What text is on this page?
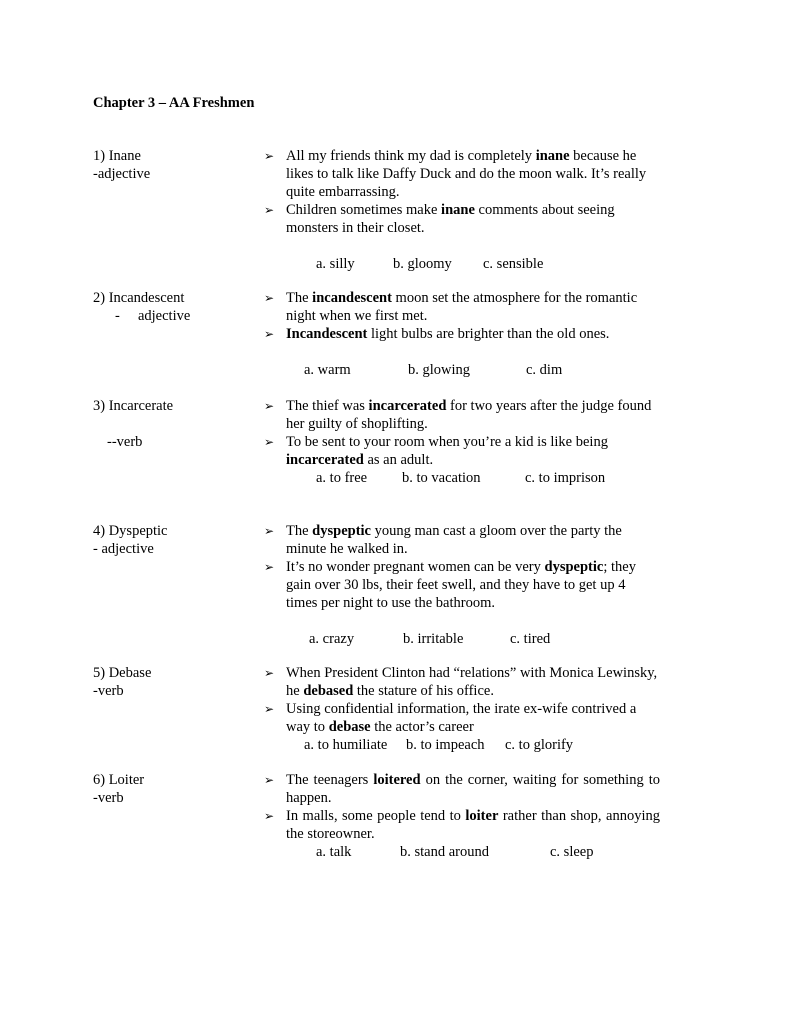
Chapter 3 – AA Freshmen
1) Inane
-adjective
➢ All my friends think my dad is completely inane because he likes to talk like Daffy Duck and do the moon walk. It’s really quite embarrassing.
➢ Children sometimes make inane comments about seeing monsters in their closet.
a. silly	b. gloomy c. sensible
2) Incandescent
-     adjective
➢ The incandescent moon set the atmosphere for the romantic night when we first met.
➢ Incandescent light bulbs are brighter than the old ones.
a. warm	b. glowing	c. dim
3) Incarcerate
--verb
➢ The thief was incarcerated for two years after the judge found her guilty of shoplifting.
➢ To be sent to your room when you’re a kid is like being incarcerated as an adult.
a. to free b. to vacation	c. to imprison
4) Dyspeptic
- adjective
➢ The dyspeptic young man cast a gloom over the party the minute he walked in.
➢ It’s no wonder pregnant women can be very dyspeptic; they gain over 30 lbs, their feet swell, and they have to get up 4 times per night to use the bathroom.
a. crazy	b. irritable	c. tired
5) Debase
-verb
➢ When President Clinton had “relations” with Monica Lewinsky, he debased the stature of his office.
➢ Using confidential information, the irate ex-wife contrived a way to debase the actor’s career
a. to humiliate b. to impeach c. to glorify
6) Loiter
-verb
➢ The teenagers loitered on the corner, waiting for something to happen.
➢ In malls, some people tend to loiter rather than shop, annoying the storeowner.
a. talk	b. stand around	c. sleep
